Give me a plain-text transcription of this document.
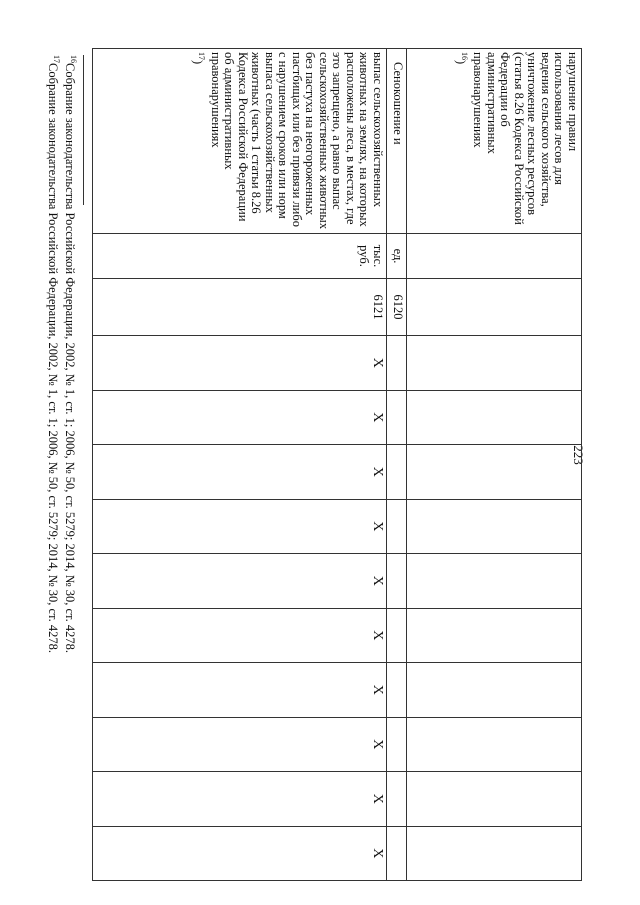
223
нарушение правил использования лесов для ведения сельского хозяйства, уничтожение лесных ресурсов (статья 8.26 Кодекса Российской Федерации об административных правонарушениях
$^{16}$)												

Сенокошение и	ед.	6120										

выпас сельскохозяйственных животных на землях, на которых расположены леса, в местах, где это запрещено, а равно выпас сельскохозяйственных животных без пастуха на неогороженных пастбищах или без привязи либо с нарушением сроков или норм выпаса сельскохозяйственных животных (часть 1 статьи 8.26 Кодекса Российской Федерации об административных правонарушениях
$^{17}$)	тыс. руб.	6121	X	X	X	X	X	X	X	X	X	X
$^{16}$Собрание законодательства Российской Федерации, 2002, № 1, ст. 1; 2006, № 50, ст. 5279; 2014, № 30, ст. 4278.
$^{17}$Собрание законодательства Российской Федерации, 2002, № 1, ст. 1; 2006, № 50, ст. 5279; 2014, № 30, ст. 4278.
